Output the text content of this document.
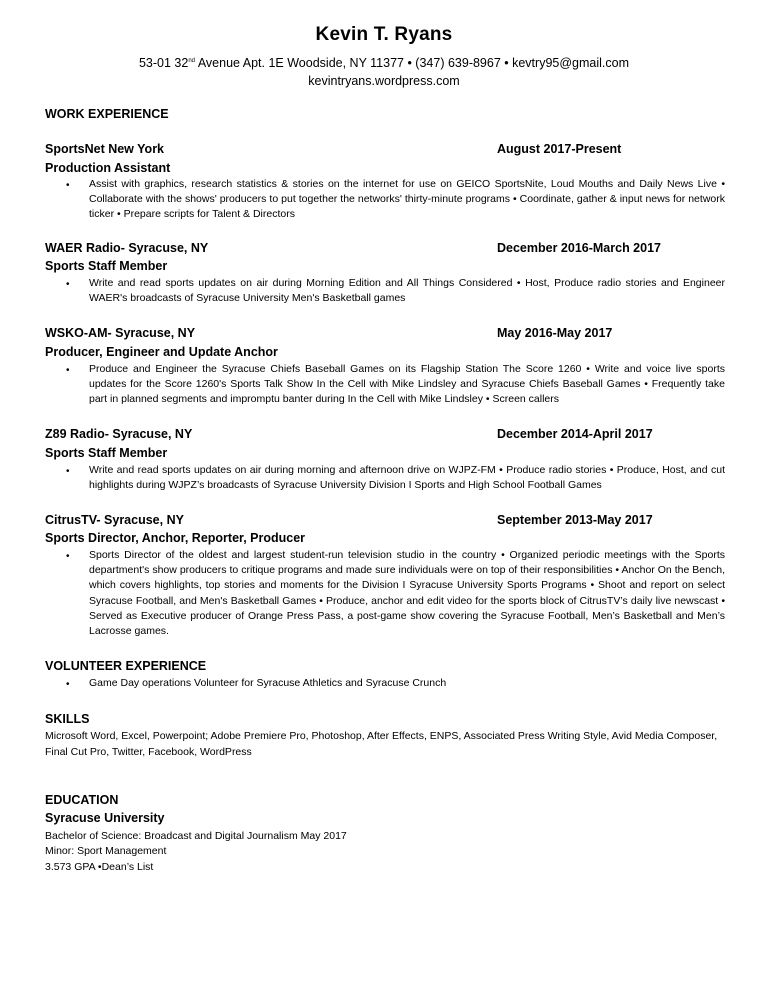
Kevin T. Ryans
53-01 32nd Avenue Apt. 1E Woodside, NY 11377 • (347) 639-8967 • kevtry95@gmail.com
kevintryans.wordpress.com
WORK EXPERIENCE
SportsNet New York	August 2017-Present
Production Assistant
•	Assist with graphics, research statistics & stories on the internet for use on GEICO SportsNite, Loud Mouths and Daily News Live • Collaborate with the shows' producers to put together the networks' thirty-minute programs • Coordinate, gather & input news for network ticker • Prepare scripts for Talent & Directors
WAER Radio- Syracuse, NY	December 2016-March 2017
Sports Staff Member
•	Write and read sports updates on air during Morning Edition and All Things Considered • Host, Produce radio stories and Engineer WAER's broadcasts of Syracuse University Men's Basketball games
WSKO-AM- Syracuse, NY	May 2016-May 2017
Producer, Engineer and Update Anchor
•	Produce and Engineer the Syracuse Chiefs Baseball Games on its Flagship Station The Score 1260 • Write and voice live sports updates for the Score 1260's Sports Talk Show In the Cell with Mike Lindsley and Syracuse Chiefs Baseball Games • Frequently take part in planned segments and impromptu banter during In the Cell with Mike Lindsley • Screen callers
Z89 Radio- Syracuse, NY	December 2014-April 2017
Sports Staff Member
•	Write and read sports updates on air during morning and afternoon drive on WJPZ-FM • Produce radio stories • Produce, Host, and cut highlights during WJPZ’s broadcasts of Syracuse University Division I Sports and High School Football Games
CitrusTV- Syracuse, NY	September 2013-May 2017
Sports Director, Anchor, Reporter, Producer
•	Sports Director of the oldest and largest student-run television studio in the country • Organized periodic meetings with the Sports department's show producers to critique programs and made sure individuals were on top of their responsibilities • Anchor On the Bench, which covers highlights, top stories and moments for the Division I Syracuse University Sports Programs • Shoot and report on select Syracuse Football, and Men's Basketball Games • Produce, anchor and edit video for the sports block of CitrusTV’s daily live newscast • Served as Executive producer of Orange Press Pass, a post-game show covering the Syracuse Football, Men’s Basketball and Men’s Lacrosse games.
VOLUNTEER EXPERIENCE
•	Game Day operations Volunteer for Syracuse Athletics and Syracuse Crunch
SKILLS
Microsoft Word, Excel, Powerpoint; Adobe Premiere Pro, Photoshop, After Effects, ENPS, Associated Press Writing Style, Avid Media Composer, Final Cut Pro, Twitter, Facebook, WordPress
EDUCATION
Syracuse University
Bachelor of Science: Broadcast and Digital Journalism May 2017
Minor: Sport Management
3.573 GPA •Dean’s List
